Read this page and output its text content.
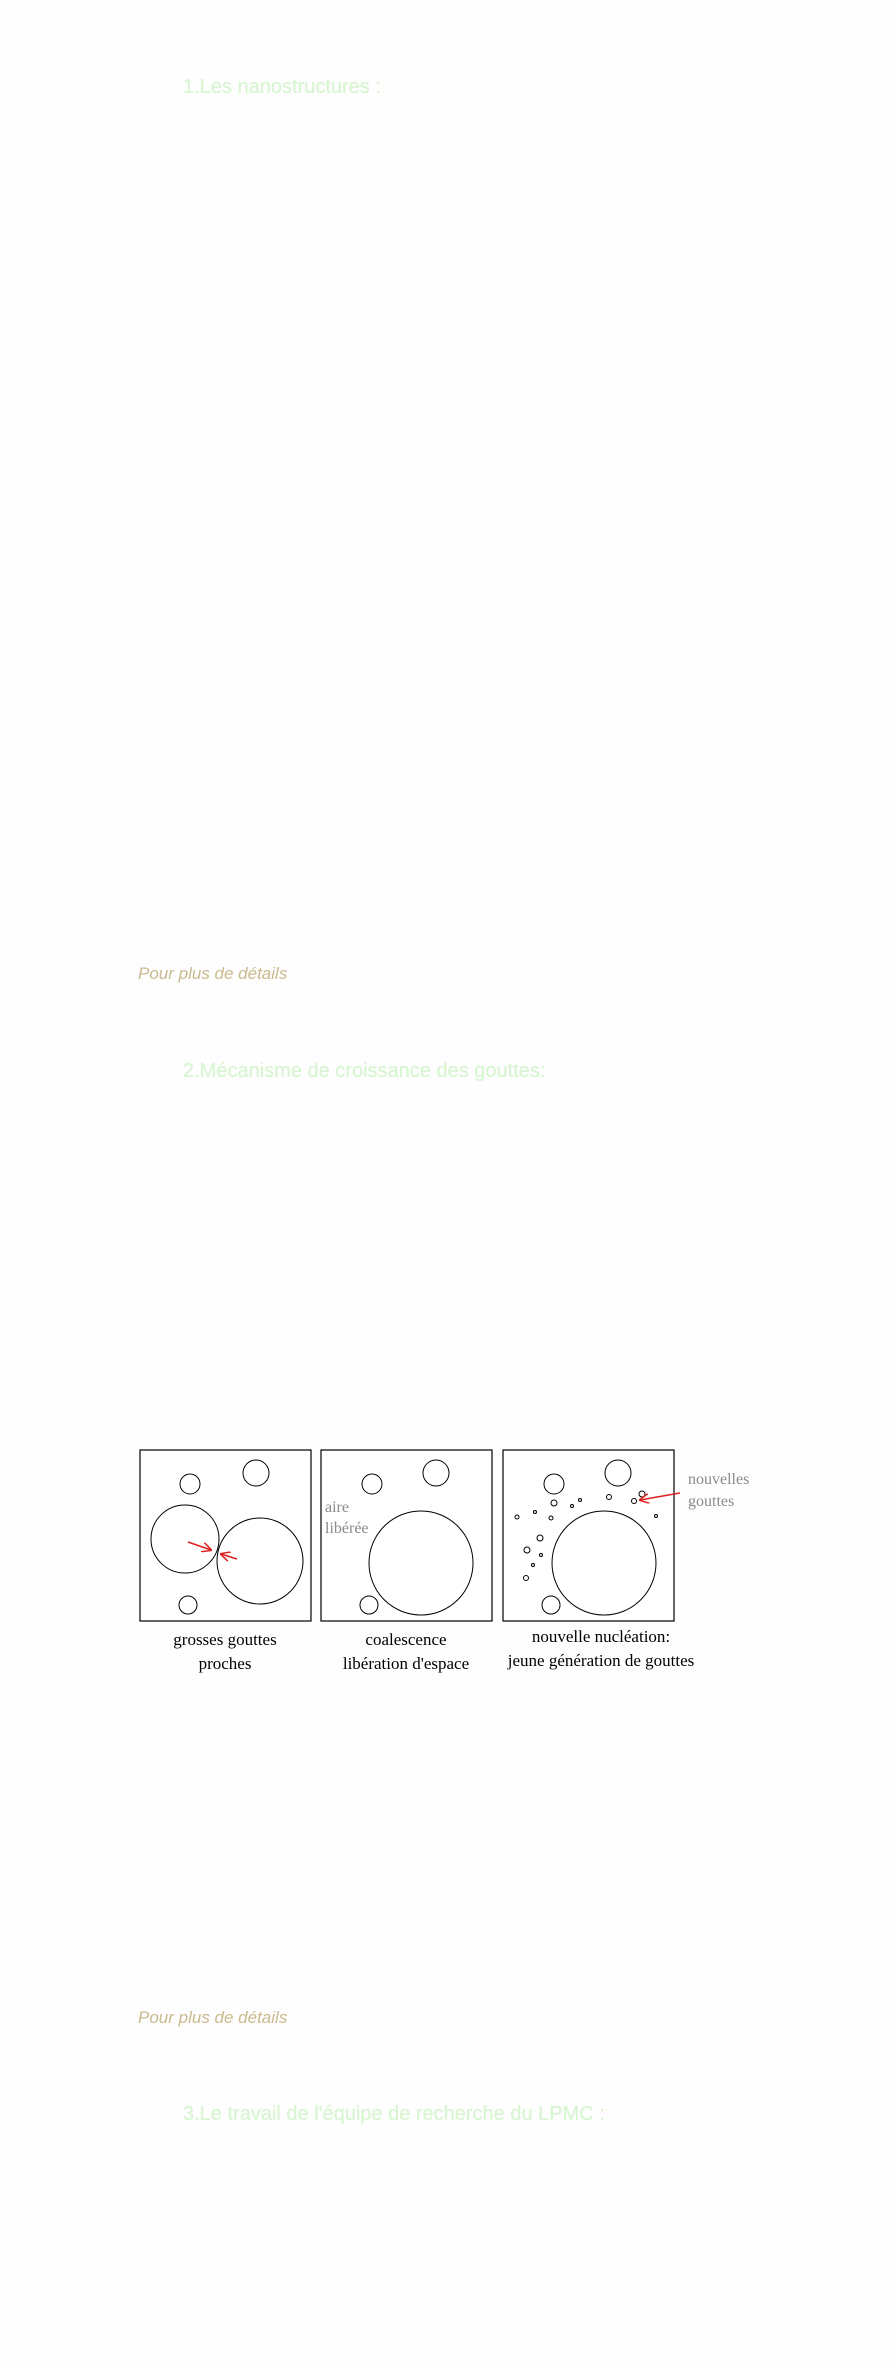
1.Les nanostructures :
Pour plus de détails
2.Mécanisme de croissance des gouttes:
grosses gouttes
proches
aire
libérée
coalescence
libération d'espace
nouvelles
gouttes
nouvelle nucléation:
jeune génération de gouttes
Pour plus de détails
3.Le travail de l'équipe de recherche du LPMC :
